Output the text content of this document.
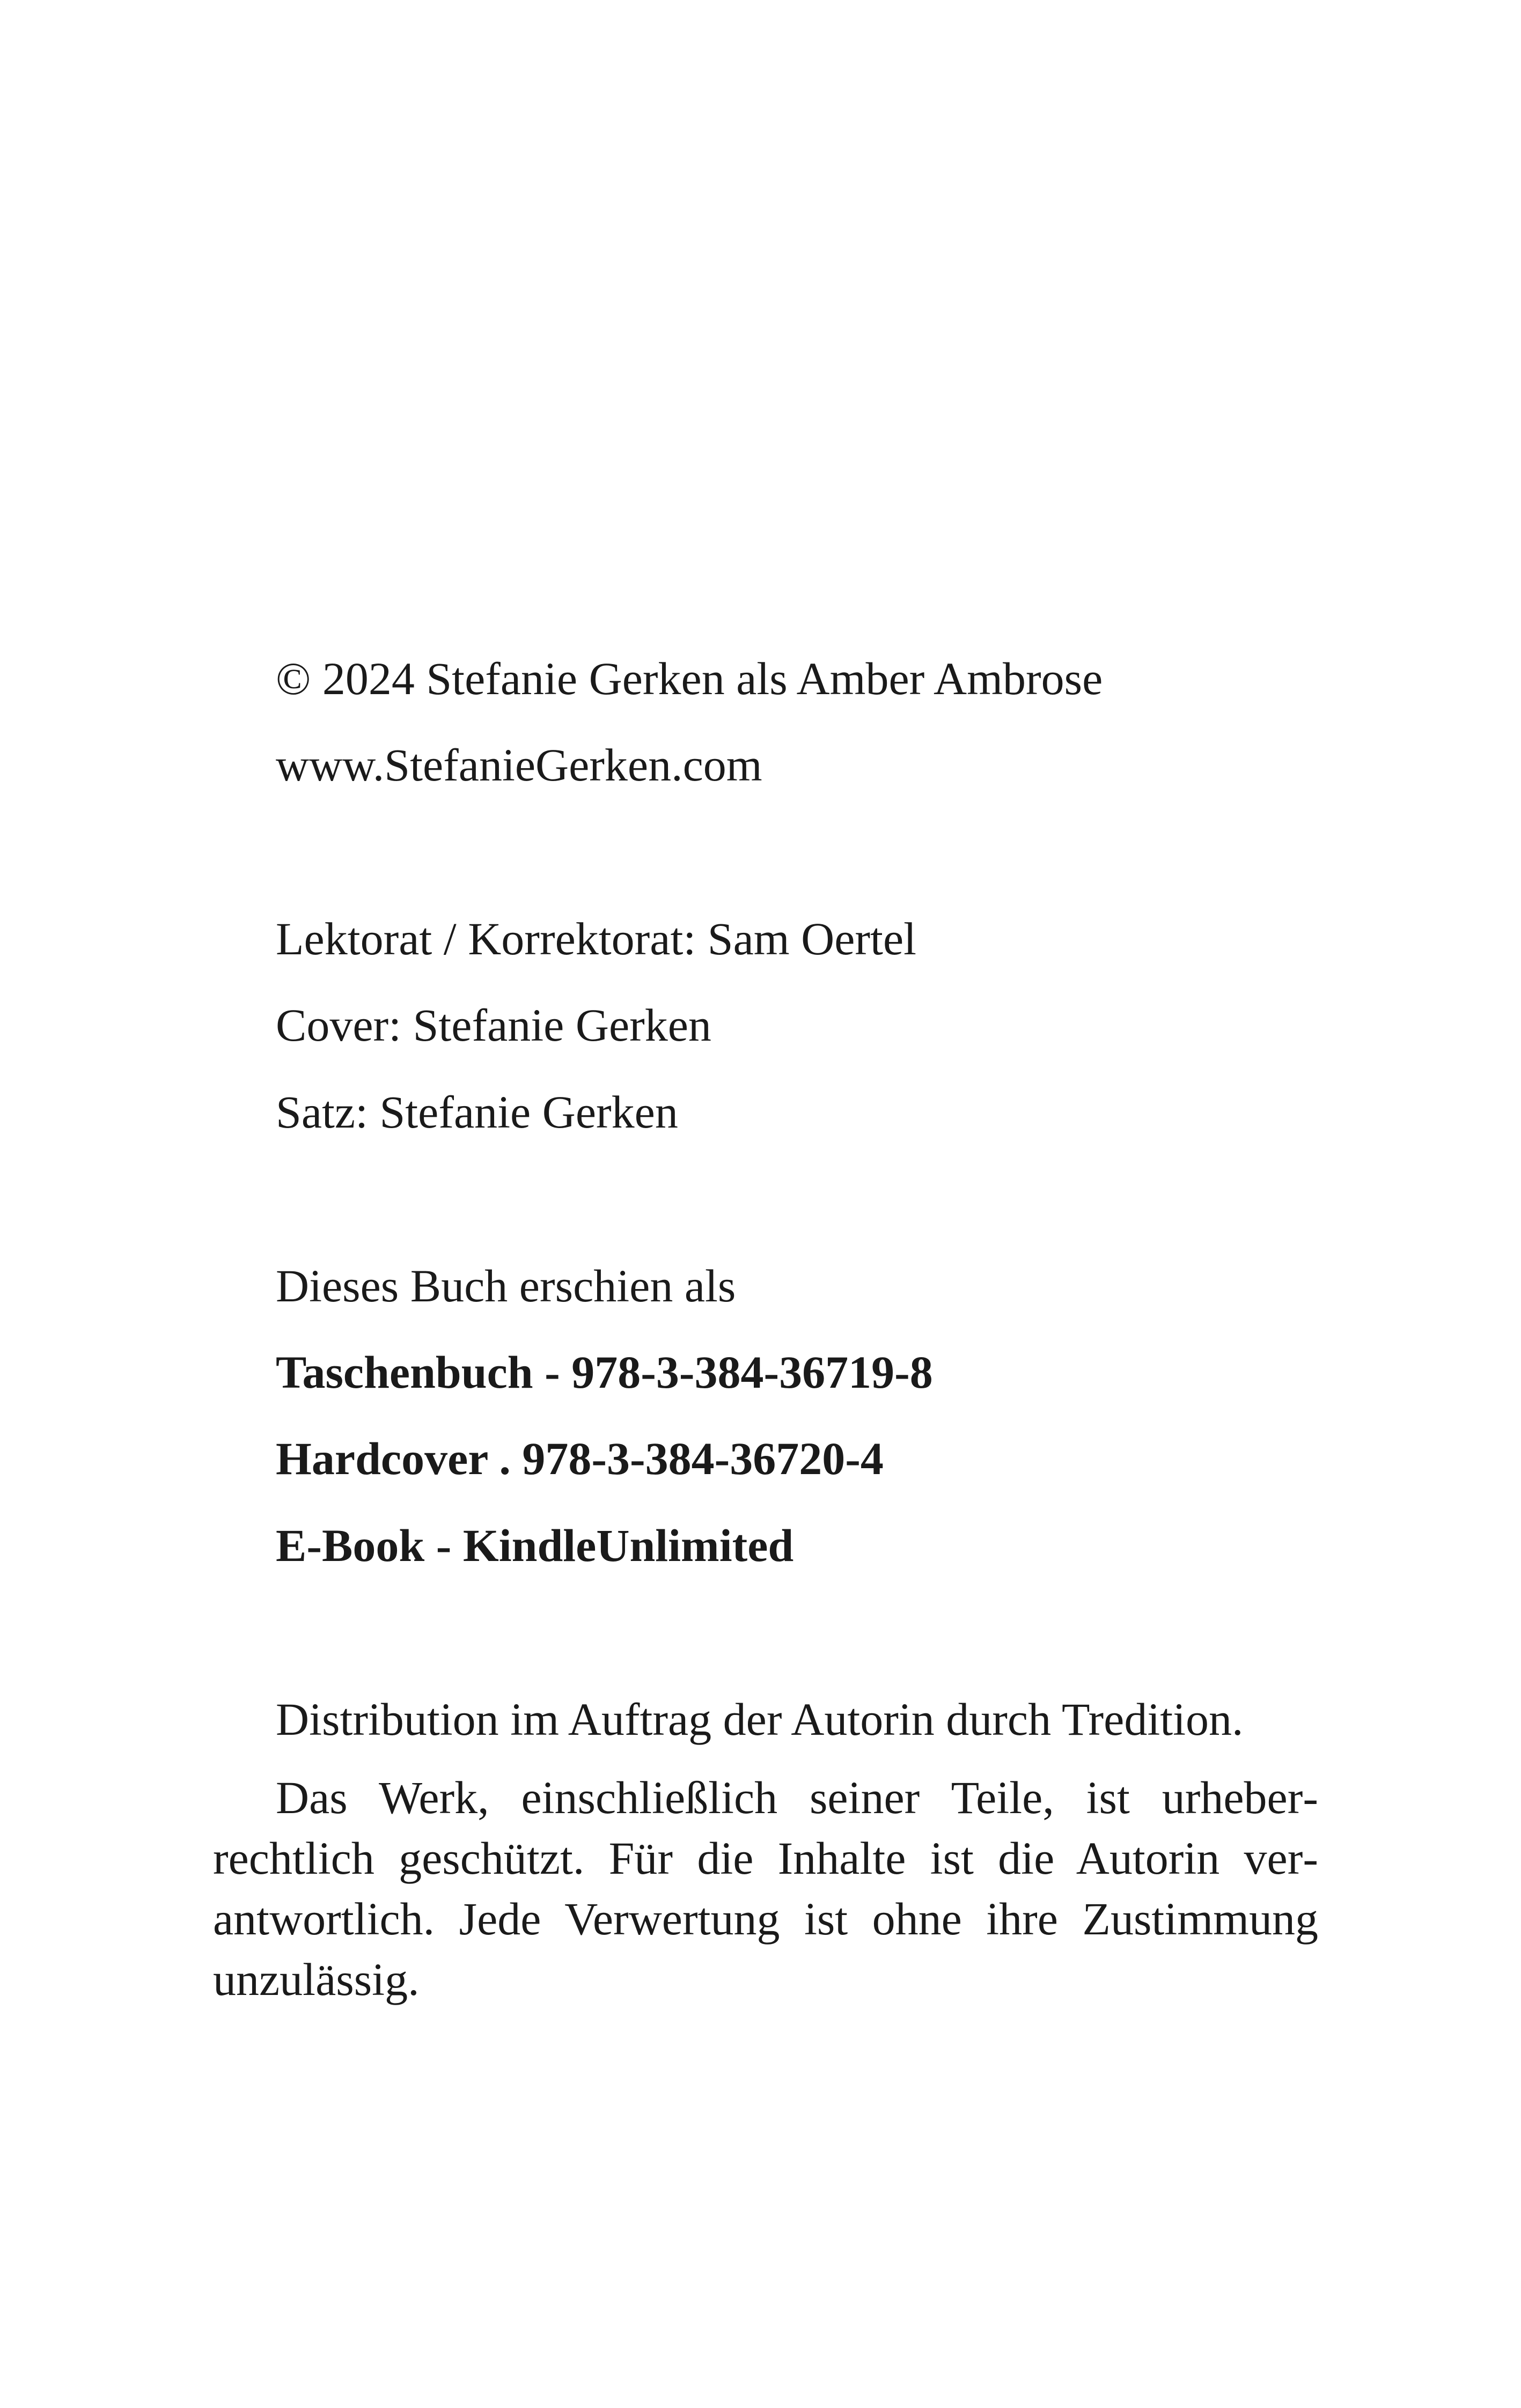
© 2024 Stefanie Gerken als Amber Ambrose
www.StefanieGerken.com
Lektorat / Korrektorat: Sam Oertel
Cover: Stefanie Gerken
Satz: Stefanie Gerken
Dieses Buch erschien als
Taschenbuch - 978-3-384-36719-8
Hardcover . 978-3-384-36720-4
E-Book - KindleUnlimited
Distribution im Auftrag der Autorin durch Tredition.
Das Werk, einschließlich seiner Teile, ist urheberrechtlich geschützt. Für die Inhalte ist die Autorin verantwortlich. Jede Verwertung ist ohne ihre Zustimmung unzulässig.
